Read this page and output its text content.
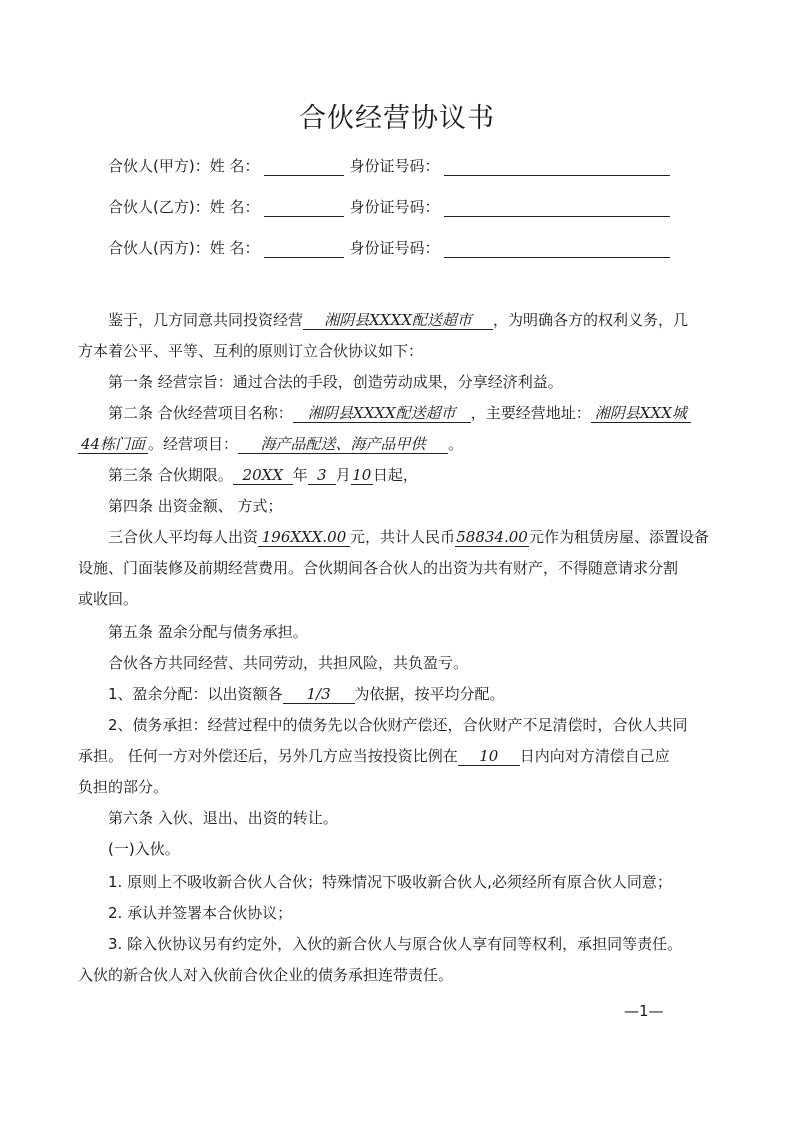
合伙经营协议书
合伙人(甲方)： 姓 名：	身份证号码：
合伙人(乙方)： 姓 名：	身份证号码：
合伙人(丙方)： 姓 名：	身份证号码：
鉴于，几方同意共同投资经营 湘阴县XXXX配送超市 ，为明确各方的权利义务，几
方本着公平、平等、互利的原则订立合伙协议如下：
第一条 经营宗旨：通过合法的手段，创造劳动成果，分享经济利益。
第二条 合伙经营项目名称： 湘阴县XXXX配送超市 ，主要经营地址： 湘阴县XXX城
44栋门面 。经营项目： 海产品配送、海产品甲供 。
第三条 合伙期限。 20XX 年 3 月10日起，
第四条 出资金额、 方式；
三合伙人平均每人出资 196XXX.00 元，共计人民币58834.00元作为租赁房屋、添置设备
设施、门面装修及前期经营费用。合伙期间各合伙人的出资为共有财产，不得随意请求分割
或收回。
第五条 盈余分配与债务承担。
合伙各方共同经营、共同劳动，共担风险，共负盈亏。
1、盈余分配：以出资额各 1/3 为依据，按平均分配。
2、债务承担：经营过程中的债务先以合伙财产偿还，合伙财产不足清偿时，合伙人共同
承担。 任何一方对外偿还后，另外几方应当按投资比例在 10 日内向对方清偿自己应
负担的部分。
第六条 入伙、退出、出资的转让。
(一)入伙。
1. 原则上不吸收新合伙人合伙；特殊情况下吸收新合伙人,必须经所有原合伙人同意；
2. 承认并签署本合伙协议；
3. 除入伙协议另有约定外，入伙的新合伙人与原合伙人享有同等权利，承担同等责任。
入伙的新合伙人对入伙前合伙企业的债务承担连带责任。
—1—
